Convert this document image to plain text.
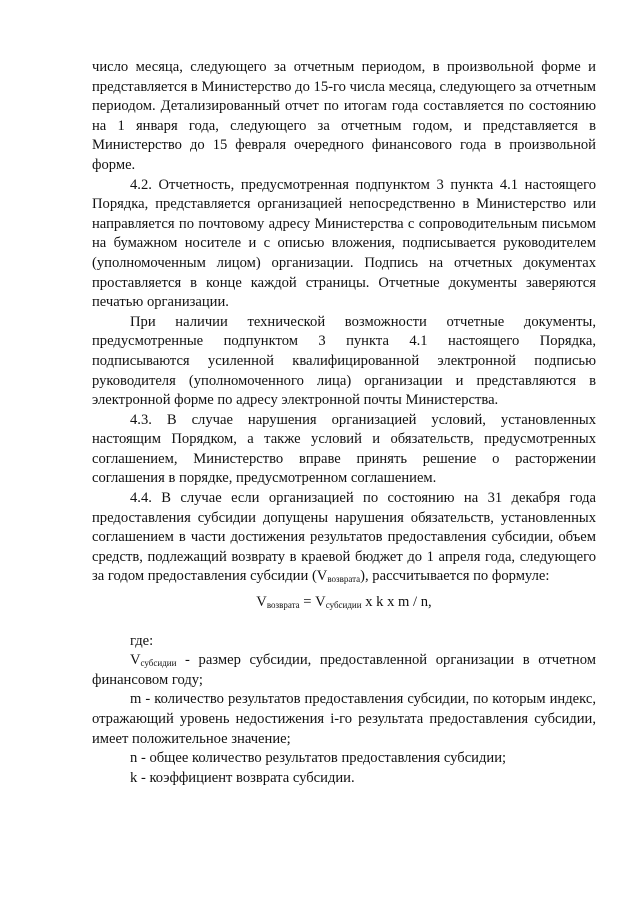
число месяца, следующего за отчетным периодом, в произвольной форме и представляется в Министерство до 15-го числа месяца, следующего за отчетным периодом. Детализированный отчет по итогам года составляется по состоянию на 1 января года, следующего за отчетным годом, и представляется в Министерство до 15 февраля очередного финансового года в произвольной форме.

4.2. Отчетность, предусмотренная подпунктом 3 пункта 4.1 настоящего Порядка, представляется организацией непосредственно в Министерство или направляется по почтовому адресу Министерства с сопроводительным письмом на бумажном носителе и с описью вложения, подписывается руководителем (уполномоченным лицом) организации. Подпись на отчетных документах проставляется в конце каждой страницы. Отчетные документы заверяются печатью организации.

При наличии технической возможности отчетные документы, предусмотренные подпунктом 3 пункта 4.1 настоящего Порядка, подписываются усиленной квалифицированной электронной подписью руководителя (уполномоченного лица) организации и представляются в электронной форме по адресу электронной почты Министерства.

4.3. В случае нарушения организацией условий, установленных настоящим Порядком, а также условий и обязательств, предусмотренных соглашением, Министерство вправе принять решение о расторжении соглашения в порядке, предусмотренном соглашением.

4.4. В случае если организацией по состоянию на 31 декабря года предоставления субсидии допущены нарушения обязательств, установленных соглашением в части достижения результатов предоставления субсидии, объем средств, подлежащий возврату в краевой бюджет до 1 апреля года, следующего за годом предоставления субсидии $(V_{возврата})$, рассчитывается по формуле:

$V_{возврата} = V_{субсидии}$ x k x m / n,

где:

$V_{субсидии}$ - размер субсидии, предоставленной организации в отчетном финансовом году;

m - количество результатов предоставления субсидии, по которым индекс, отражающий уровень недостижения i-го результата предоставления субсидии, имеет положительное значение;

n - общее количество результатов предоставления субсидии;

k - коэффициент возврата субсидии.
